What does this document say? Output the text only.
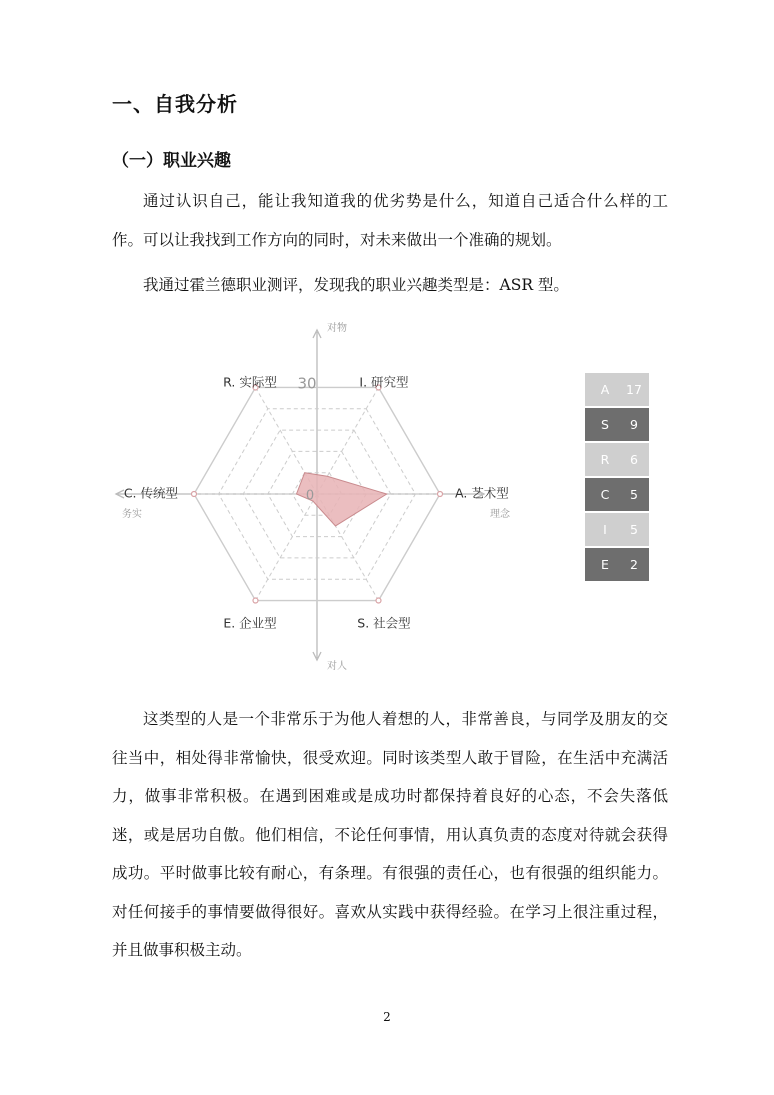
一、自我分析
（一）职业兴趣

通过认识自己，能让我知道我的优劣势是什么，知道自己适合什么样的工作。可以让我找到工作方向的同时，对未来做出一个准确的规划。

我通过霍兰德职业测评，发现我的职业兴趣类型是：ASR 型。

I. 研究型
A. 艺术型
S. 社会型
E. 企业型
C. 传统型
R. 实际型 30
0
对物
对人
务实	理念
A	17
S	9
R	6
C	5
I	5
E	2

这类型的人是一个非常乐于为他人着想的人，非常善良，与同学及朋友的交往当中，相处得非常愉快，很受欢迎。同时该类型人敢于冒险，在生活中充满活力，做事非常积极。在遇到困难或是成功时都保持着良好的心态，不会失落低迷，或是居功自傲。他们相信，不论任何事情，用认真负责的态度对待就会获得成功。平时做事比较有耐心，有条理。有很强的责任心，也有很强的组织能力。对任何接手的事情要做得很好。喜欢从实践中获得经验。在学习上很注重过程，并且做事积极主动。

2
